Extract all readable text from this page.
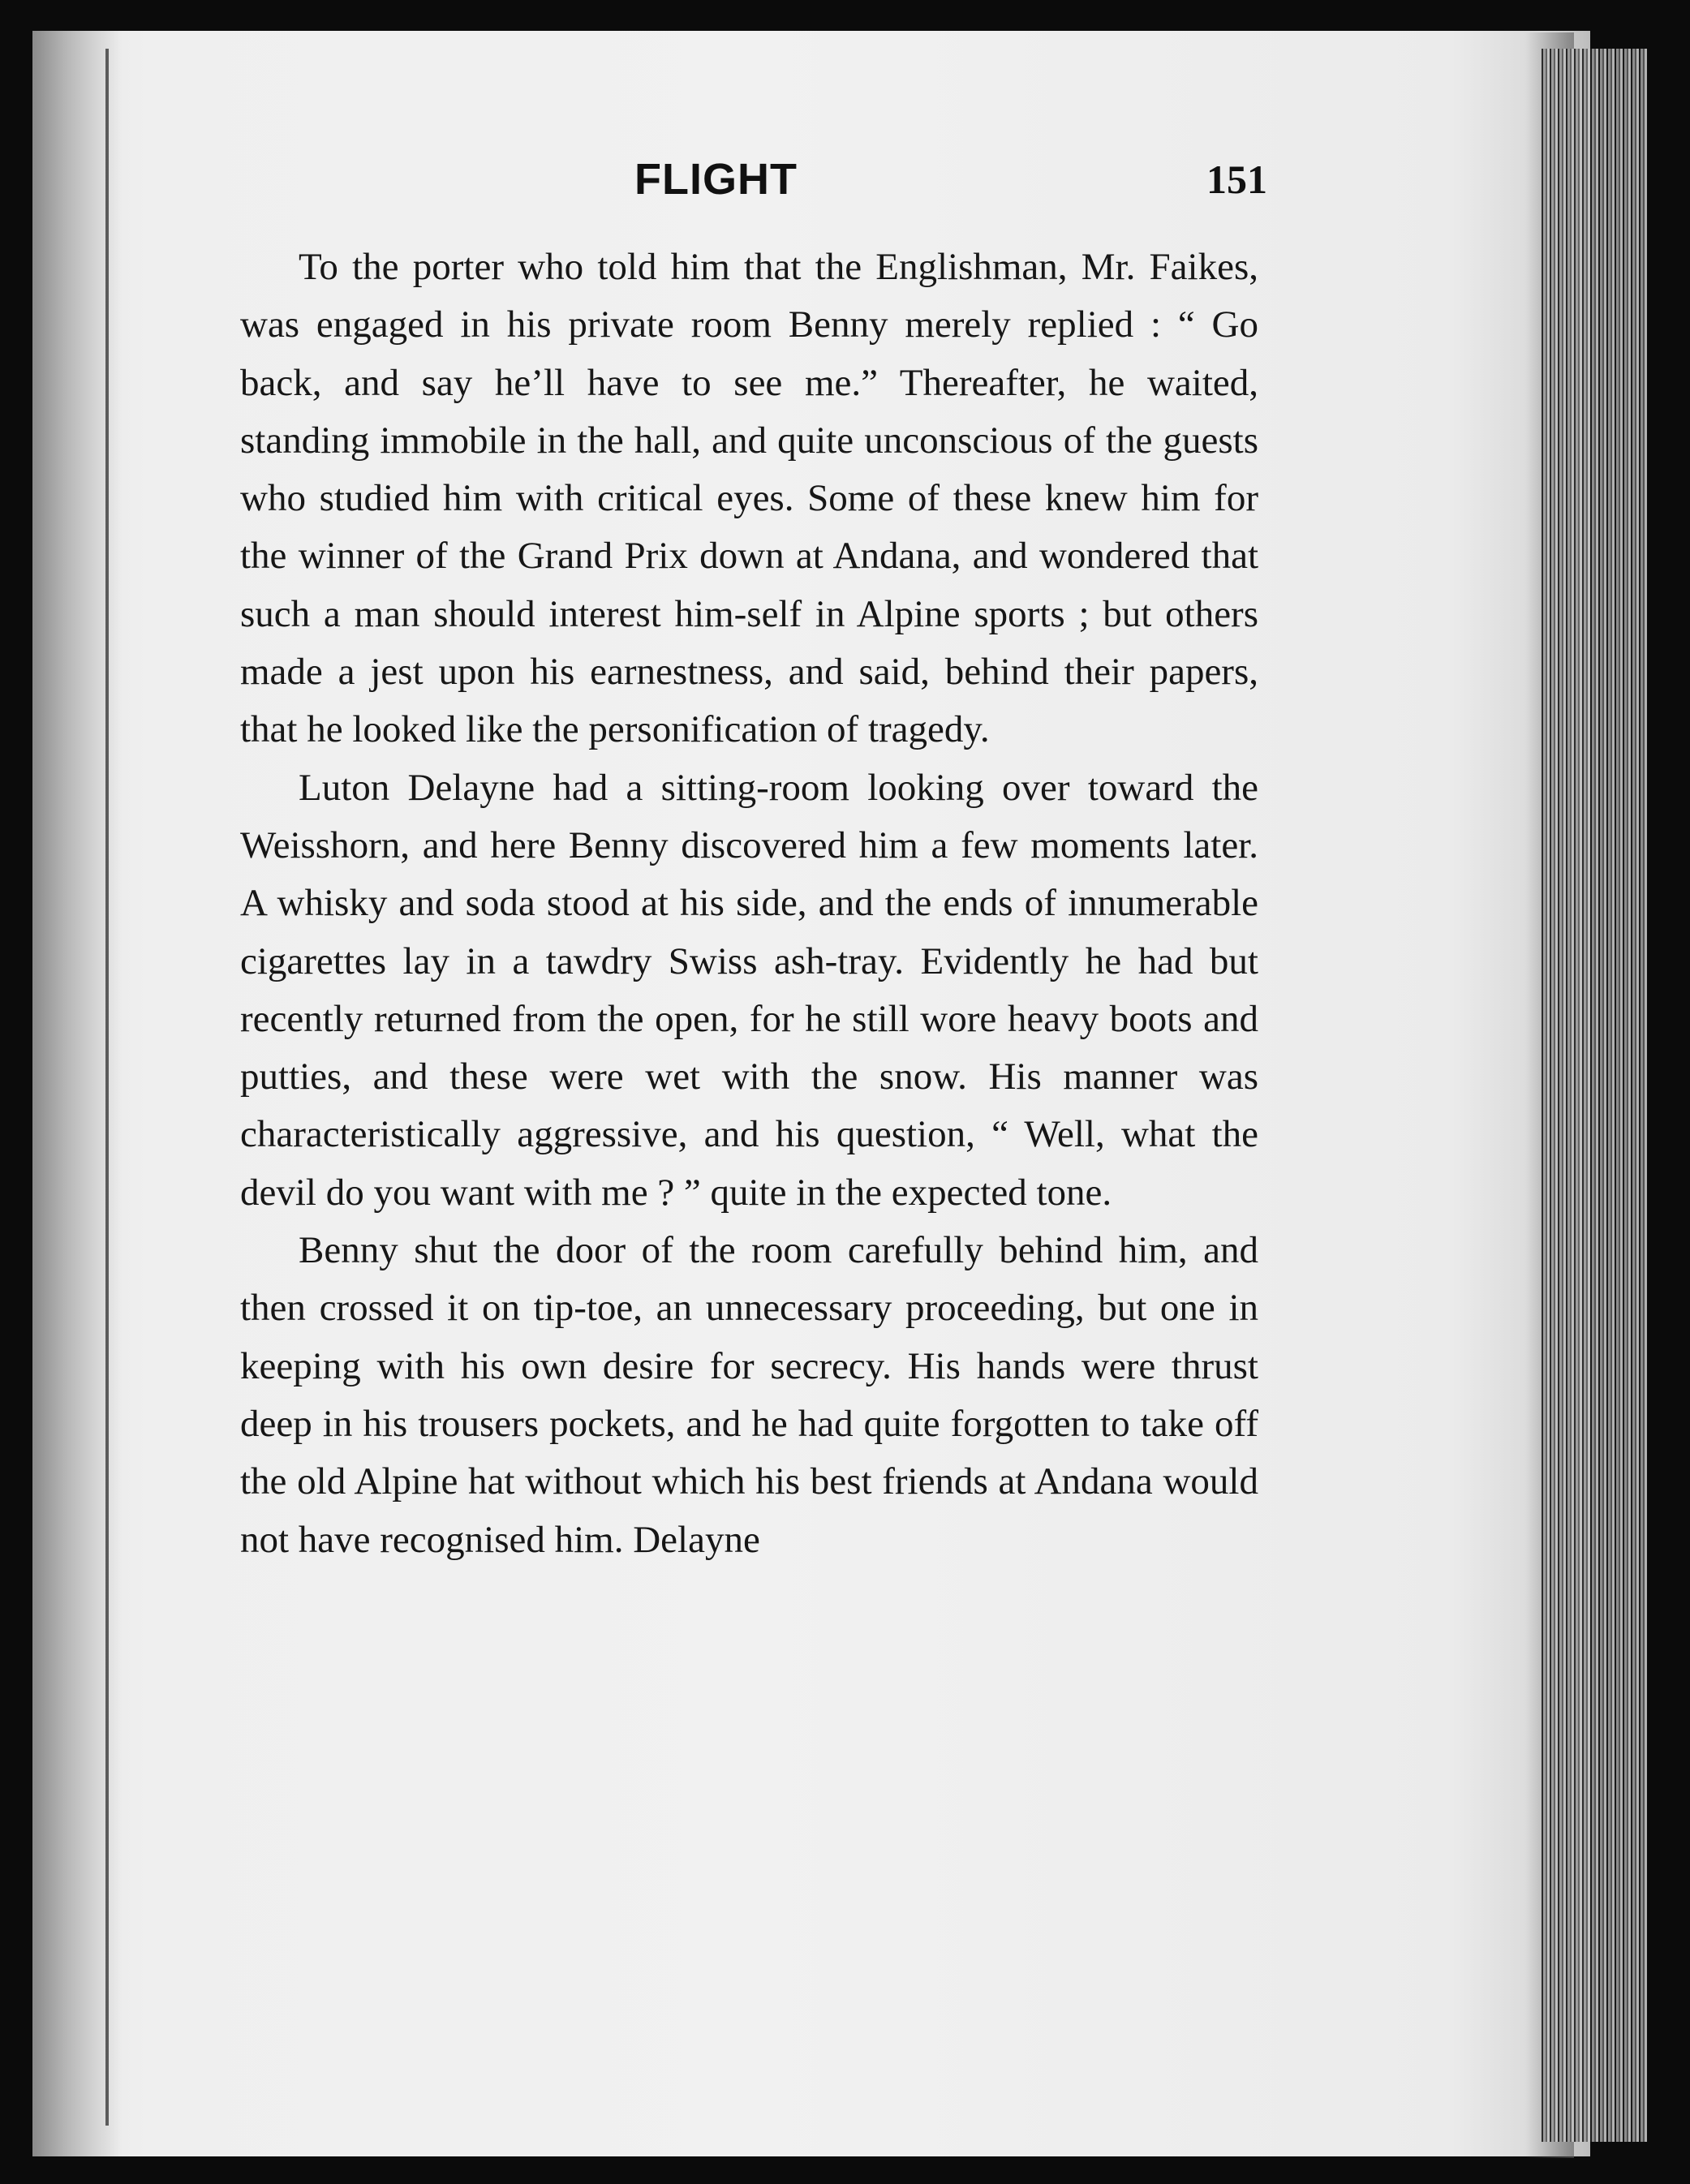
FLIGHT	151

To the porter who told him that the Englishman, Mr. Faikes, was engaged in his private room Benny merely replied : “ Go back, and say he’ll have to see me.” Thereafter, he waited, standing immobile in the hall, and quite unconscious of the guests who studied him with critical eyes. Some of these knew him for the winner of the Grand Prix down at Andana, and wondered that such a man should interest him-self in Alpine sports ; but others made a jest upon his earnestness, and said, behind their papers, that he looked like the personification of tragedy.

Luton Delayne had a sitting-room looking over toward the Weisshorn, and here Benny discovered him a few moments later. A whisky and soda stood at his side, and the ends of innumerable cigarettes lay in a tawdry Swiss ash-tray. Evidently he had but recently returned from the open, for he still wore heavy boots and putties, and these were wet with the snow. His manner was characteristically aggressive, and his question, “ Well, what the devil do you want with me ? ” quite in the expected tone.

Benny shut the door of the room carefully behind him, and then crossed it on tip-toe, an unnecessary proceeding, but one in keeping with his own desire for secrecy. His hands were thrust deep in his trousers pockets, and he had quite forgotten to take off the old Alpine hat without which his best friends at Andana would not have recognised him. Delayne
